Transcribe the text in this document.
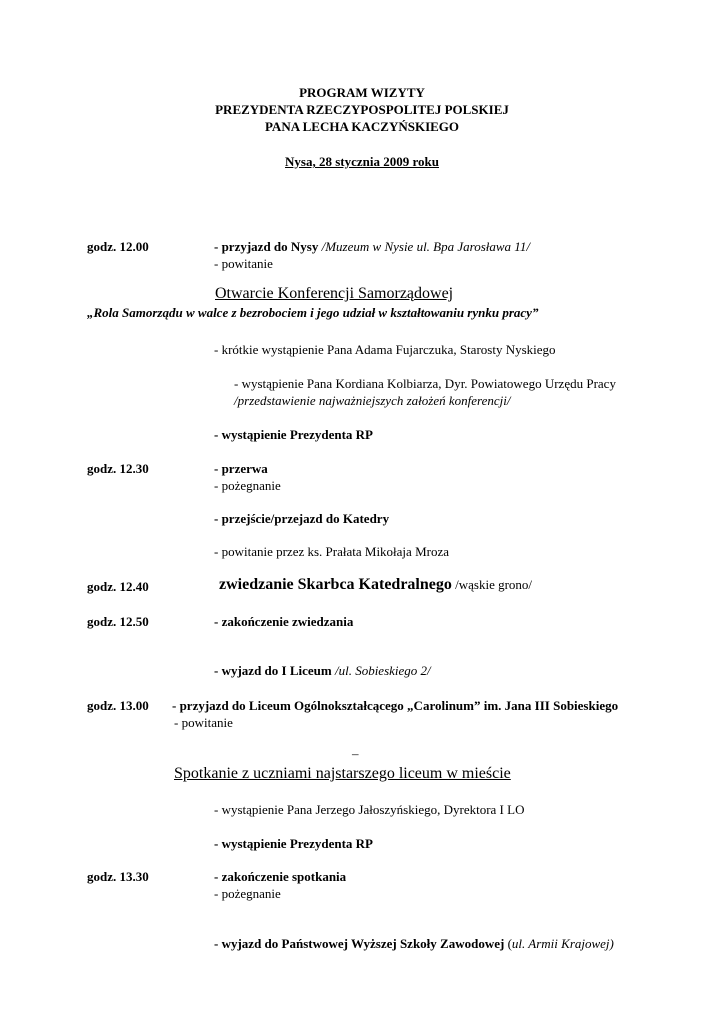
PROGRAM WIZYTY
PREZYDENTA RZECZYPOSPOLITEJ POLSKIEJ
PANA LECHA KACZYŃSKIEGO
Nysa, 28 stycznia 2009 roku
godz. 12.00	- przyjazd do Nysy /Muzeum w Nysie ul. Bpa Jarosława 11/
- powitanie
Otwarcie Konferencji Samorządowej
„Rola Samorządu w walce z bezrobociem i jego udział w kształtowaniu rynku pracy”
- krótkie wystąpienie Pana Adama Fujarczuka, Starosty Nyskiego
- wystąpienie Pana Kordiana Kolbiarza, Dyr. Powiatowego Urzędu Pracy
/przedstawienie najważniejszych założeń konferencji/
- wystąpienie Prezydenta RP
godz. 12.30	- przerwa
- pożegnanie
- przejście/przejazd do Katedry
- powitanie przez ks. Prałata Mikołaja Mroza
godz. 12.40	zwiedzanie Skarbca Katedralnego /wąskie grono/
godz. 12.50	- zakończenie zwiedzania
- wyjazd do I Liceum /ul. Sobieskiego 2/
godz. 13.00 - przyjazd do Liceum Ogólnokształcącego „Carolinum” im. Jana III Sobieskiego
- powitanie
–
Spotkanie z uczniami najstarszego liceum w mieście
- wystąpienie Pana Jerzego Jałoszyńskiego, Dyrektora I LO
- wystąpienie Prezydenta RP
godz. 13.30	- zakończenie spotkania
- pożegnanie
- wyjazd do Państwowej Wyższej Szkoły Zawodowej (ul. Armii Krajowej)
